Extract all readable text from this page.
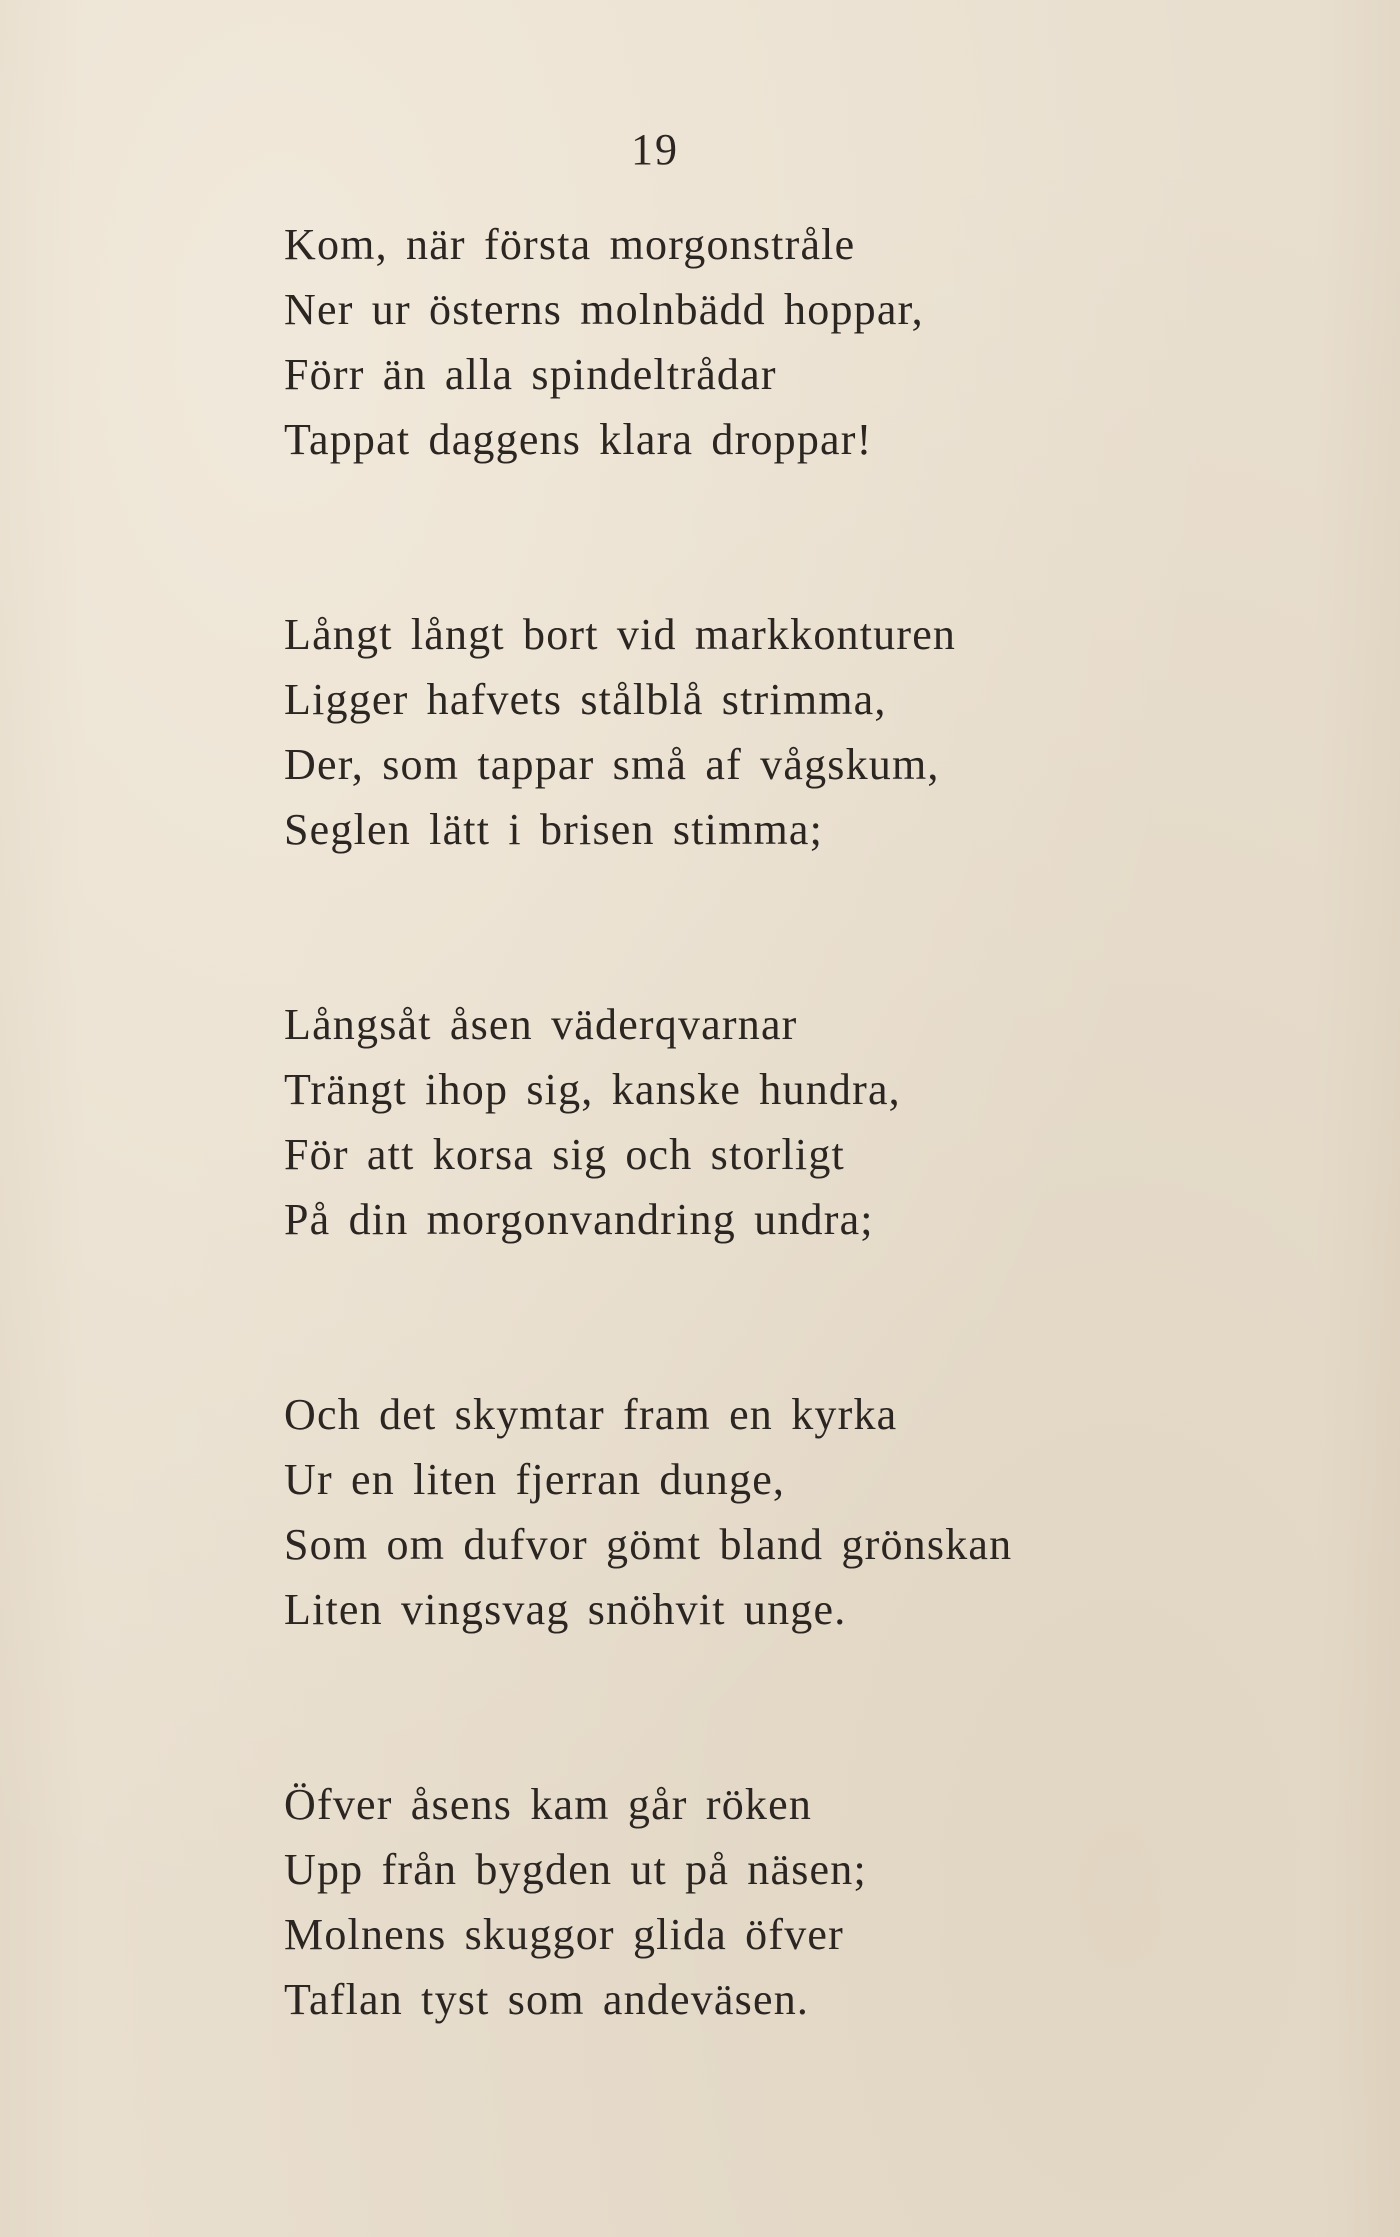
19
Kom, när första morgonstråle
Ner ur österns molnbädd hoppar,
Förr än alla spindeltrådar
Tappat daggens klara droppar!
Långt långt bort vid markkonturen
Ligger hafvets stålblå strimma,
Der, som tappar små af vågskum,
Seglen lätt i brisen stimma;
Långsåt åsen väderqvarnar
Trängt ihop sig, kanske hundra,
För att korsa sig och storligt
På din morgonvandring undra;
Och det skymtar fram en kyrka
Ur en liten fjerran dunge,
Som om dufvor gömt bland grönskan
Liten vingsvag snöhvit unge.
Öfver åsens kam går röken
Upp från bygden ut på näsen;
Molnens skuggor glida öfver
Taflan tyst som andeväsen.
